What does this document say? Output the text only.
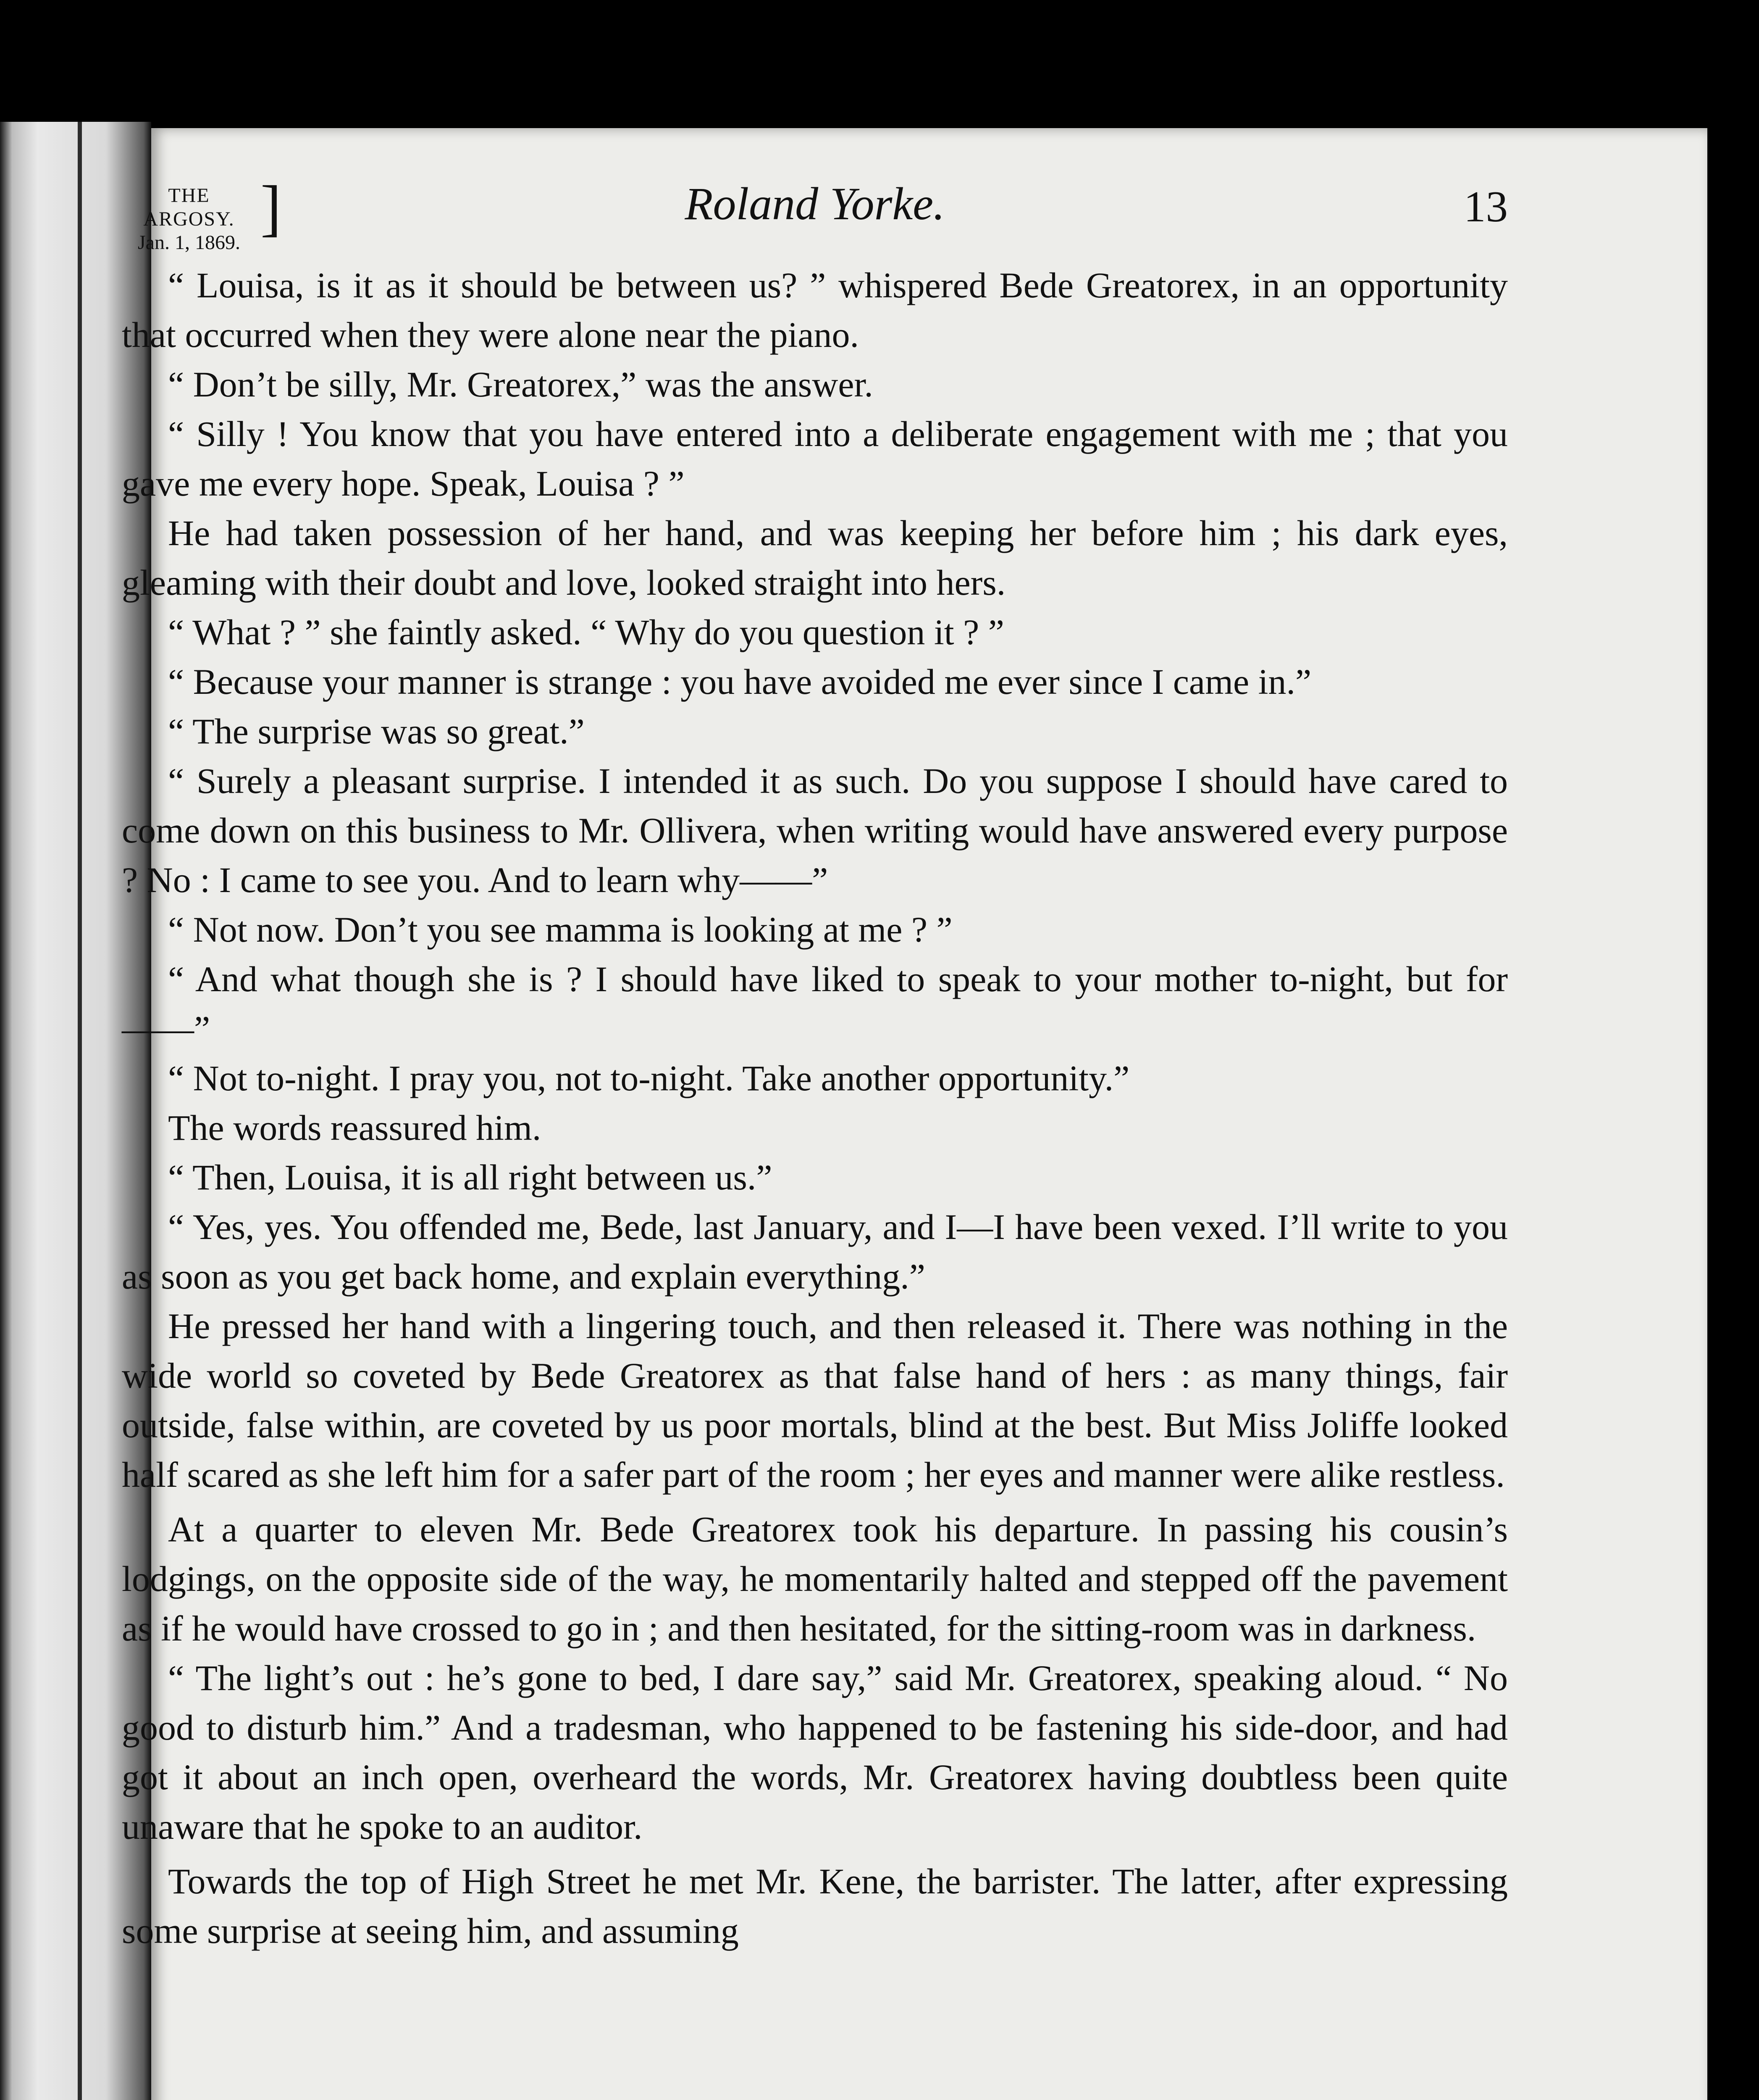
THE ARGOSY.
Jan. 1, 1869. ]	Roland Yorke.	13

“ Louisa, is it as it should be between us? ” whispered Bede Greatorex, in an opportunity that occurred when they were alone near the piano.

“ Don’t be silly, Mr. Greatorex,” was the answer.

“ Silly ! You know that you have entered into a deliberate engagement with me ; that you gave me every hope. Speak, Louisa ? ”

He had taken possession of her hand, and was keeping her before him ; his dark eyes, gleaming with their doubt and love, looked straight into hers.

“ What ? ” she faintly asked. “ Why do you question it ? ”

“ Because your manner is strange : you have avoided me ever since I came in.”

“ The surprise was so great.”

“ Surely a pleasant surprise. I intended it as such. Do you suppose I should have cared to come down on this business to Mr. Ollivera, when writing would have answered every purpose ? No : I came to see you. And to learn why——”

“ Not now. Don’t you see mamma is looking at me ? ”

“ And what though she is ? I should have liked to speak to your mother to-night, but for——”

“ Not to-night. I pray you, not to-night. Take another opportunity.”

The words reassured him.

“ Then, Louisa, it is all right between us.”

“ Yes, yes. You offended me, Bede, last January, and I—I have been vexed. I’ll write to you as soon as you get back home, and explain everything.”

He pressed her hand with a lingering touch, and then released it. There was nothing in the wide world so coveted by Bede Greatorex as that false hand of hers : as many things, fair outside, false within, are coveted by us poor mortals, blind at the best. But Miss Joliffe looked half scared as she left him for a safer part of the room ; her eyes and manner were alike restless.

At a quarter to eleven Mr. Bede Greatorex took his departure. In passing his cousin’s lodgings, on the opposite side of the way, he momentarily halted and stepped off the pavement as if he would have crossed to go in ; and then hesitated, for the sitting-room was in darkness.

“ The light’s out : he’s gone to bed, I dare say,” said Mr. Greatorex, speaking aloud. “ No good to disturb him.” And a tradesman, who happened to be fastening his side-door, and had got it about an inch open, overheard the words, Mr. Greatorex having doubtless been quite unaware that he spoke to an auditor.

Towards the top of High Street he met Mr. Kene, the barrister. The latter, after expressing some surprise at seeing him, and assuming
